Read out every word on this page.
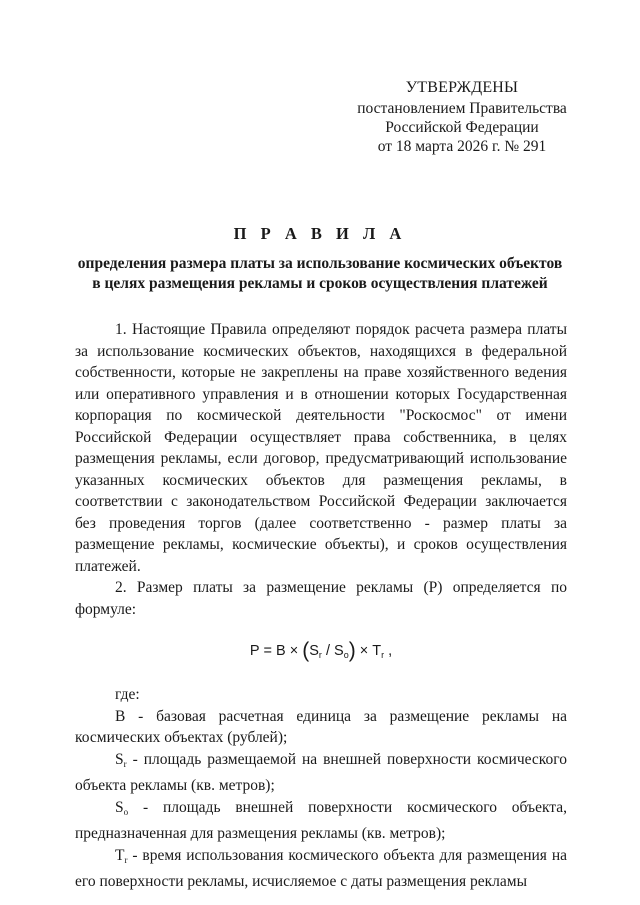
УТВЕРЖДЕНЫ
постановлением Правительства
Российской Федерации
от 18 марта 2026 г. № 291
П Р А В И Л А
определения размера платы за использование космических объектов
в целях размещения рекламы и сроков осуществления платежей

1. Настоящие Правила определяют порядок расчета размера платы за использование космических объектов, находящихся в федеральной собственности, которые не закреплены на праве хозяйственного ведения или оперативного управления и в отношении которых Государственная корпорация по космической деятельности "Роскосмос" от имени Российской Федерации осуществляет права собственника, в целях размещения рекламы, если договор, предусматривающий использование указанных космических объектов для размещения рекламы, в соответствии с законодательством Российской Федерации заключается без проведения торгов (далее соответственно - размер платы за размещение рекламы, космические объекты), и сроков осуществления платежей.

2. Размер платы за размещение рекламы (Р) определяется по формуле:

$Р = В \times (S_r / S_o) \times Т_r$ ,

где:

В - базовая расчетная единица за размещение рекламы на космических объектах (рублей);

$S_r$ - площадь размещаемой на внешней поверхности космического объекта рекламы (кв. метров);

$S_o$ - площадь внешней поверхности космического объекта, предназначенная для размещения рекламы (кв. метров);

$Т_r$ - время использования космического объекта для размещения на его поверхности рекламы, исчисляемое с даты размещения рекламы
